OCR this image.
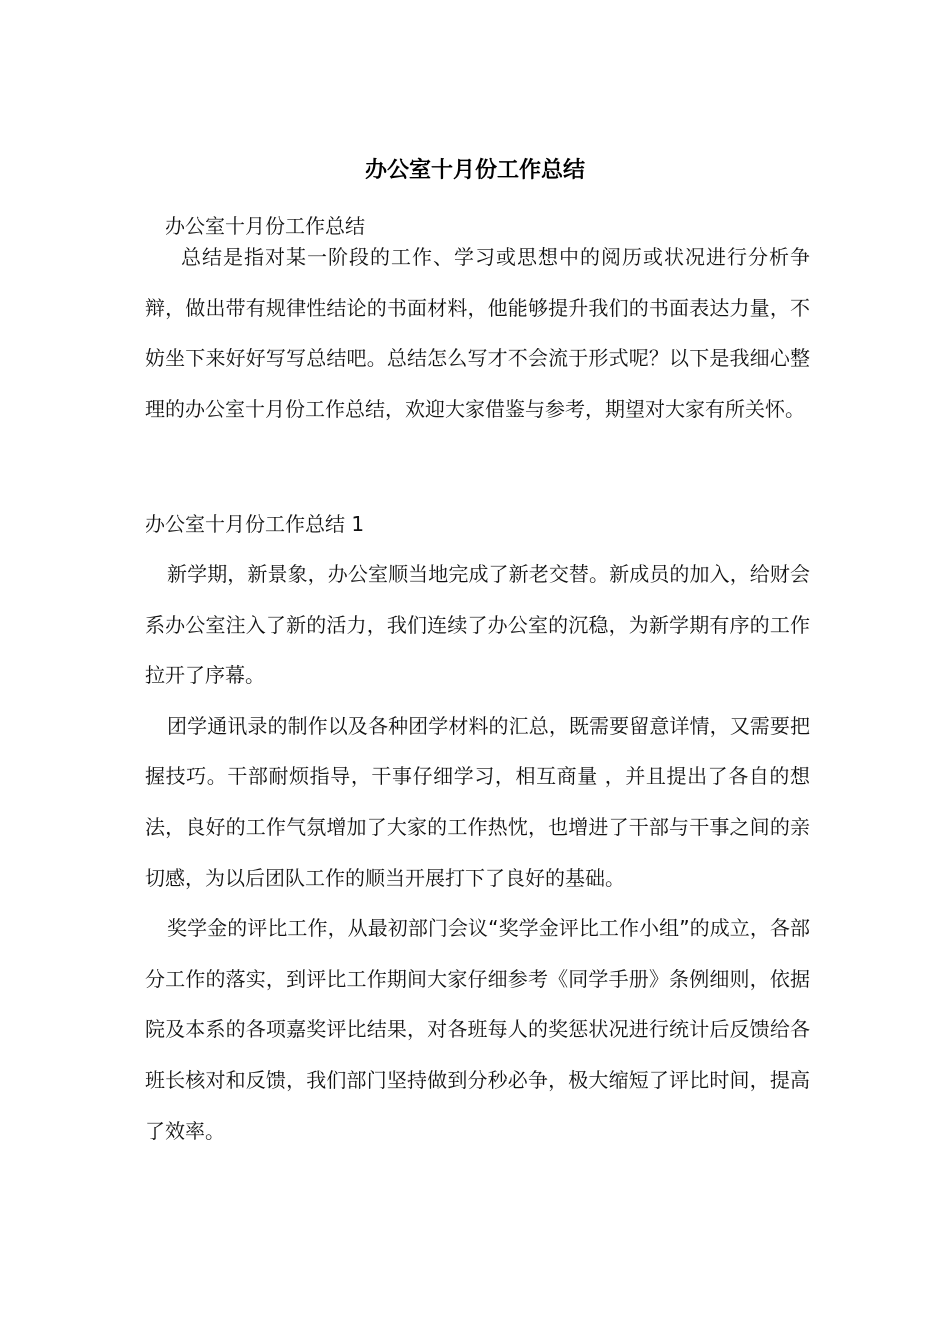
办公室十月份工作总结
办公室十月份工作总结

总结是指对某一阶段的工作、学习或思想中的阅历或状况进行分析争辩，做出带有规律性结论的书面材料，他能够提升我们的书面表达力量，不妨坐下来好好写写总结吧。总结怎么写才不会流于形式呢？以下是我细心整理的办公室十月份工作总结，欢迎大家借鉴与参考，期望对大家有所关怀。

办公室十月份工作总结 1

新学期，新景象，办公室顺当地完成了新老交替。新成员的加入，给财会系办公室注入了新的活力，我们连续了办公室的沉稳，为新学期有序的工作拉开了序幕。

团学通讯录的制作以及各种团学材料的汇总，既需要留意详情，又需要把握技巧。干部耐烦指导，干事仔细学习，相互商量 ，并且提出了各自的想法，良好的工作气氛增加了大家的工作热忱，也增进了干部与干事之间的亲切感，为以后团队工作的顺当开展打下了良好的基础。

奖学金的评比工作，从最初部门会议“奖学金评比工作小组”的成立，各部分工作的落实，到评比工作期间大家仔细参考《同学手册》条例细则，依据院及本系的各项嘉奖评比结果，对各班每人的奖惩状况进行统计后反馈给各班长核对和反馈，我们部门坚持做到分秒必争，极大缩短了评比时间，提高了效率。
